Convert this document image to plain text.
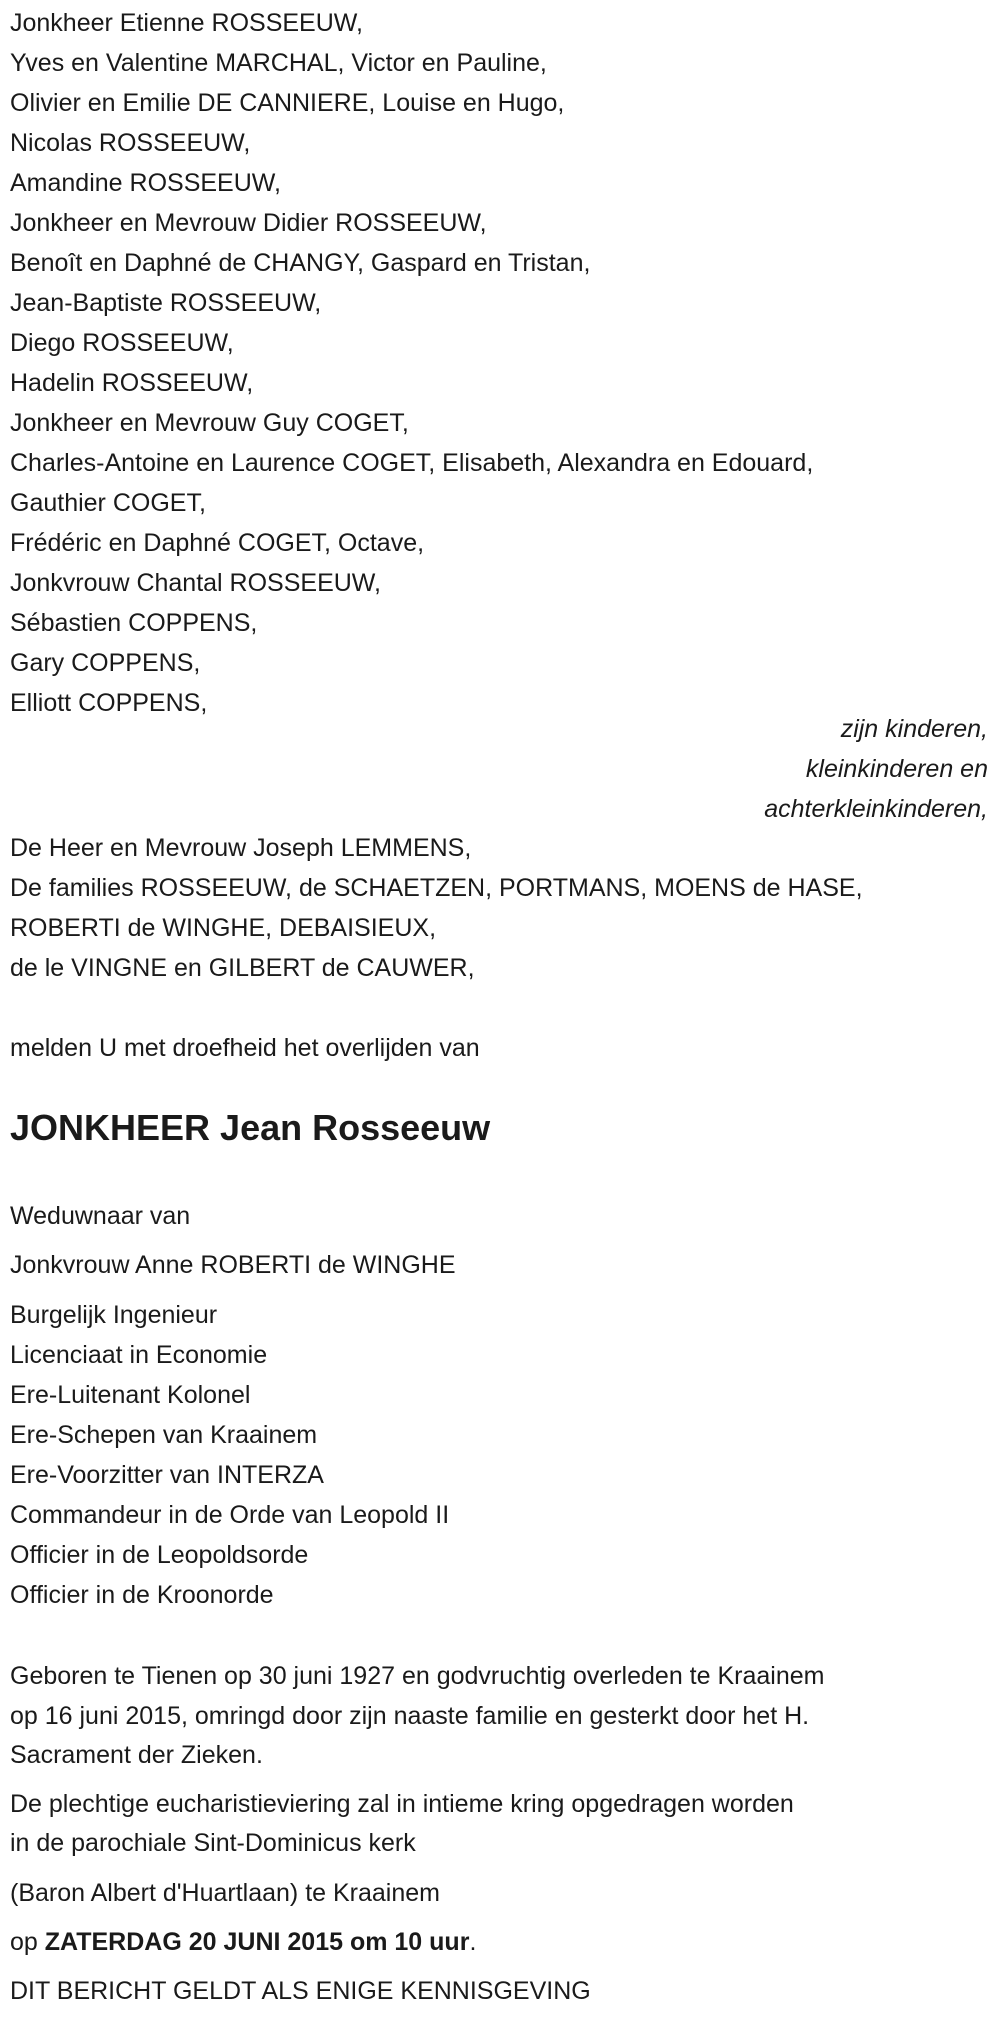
Jonkheer Etienne ROSSEEUW,
Yves en Valentine MARCHAL, Victor en Pauline,
Olivier en Emilie DE CANNIERE, Louise en Hugo,
Nicolas ROSSEEUW,
Amandine ROSSEEUW,
Jonkheer en Mevrouw Didier ROSSEEUW,
Benoît en Daphné de CHANGY, Gaspard en Tristan,
Jean-Baptiste ROSSEEUW,
Diego ROSSEEUW,
Hadelin ROSSEEUW,
Jonkheer en Mevrouw Guy COGET,
Charles-Antoine en Laurence COGET, Elisabeth, Alexandra en Edouard,
Gauthier COGET,
Frédéric en Daphné COGET, Octave,
Jonkvrouw Chantal ROSSEEUW,
Sébastien COPPENS,
Gary COPPENS,
Elliott COPPENS,
zijn kinderen,
kleinkinderen en
achterkleinkinderen,
De Heer en Mevrouw Joseph LEMMENS,
De families ROSSEEUW, de SCHAETZEN, PORTMANS, MOENS de HASE,
ROBERTI de WINGHE, DEBAISIEUX,
de le VINGNE en GILBERT de CAUWER,
melden U met droefheid het overlijden van
JONKHEER Jean Rosseeuw
Weduwnaar van
Jonkvrouw Anne ROBERTI de WINGHE
Burgelijk Ingenieur
Licenciaat in Economie
Ere-Luitenant Kolonel
Ere-Schepen van Kraainem
Ere-Voorzitter van INTERZA
Commandeur in de Orde van Leopold II
Officier in de Leopoldsorde
Officier in de Kroonorde
Geboren te Tienen op 30 juni 1927 en godvruchtig overleden te Kraainem
op 16 juni 2015, omringd door zijn naaste familie en gesterkt door het H.
Sacrament der Zieken.
De plechtige eucharistieviering zal in intieme kring opgedragen worden
in de parochiale Sint-Dominicus kerk
(Baron Albert d'Huartlaan) te Kraainem
op ZATERDAG 20 JUNI 2015 om 10 uur.
DIT BERICHT GELDT ALS ENIGE KENNISGEVING
